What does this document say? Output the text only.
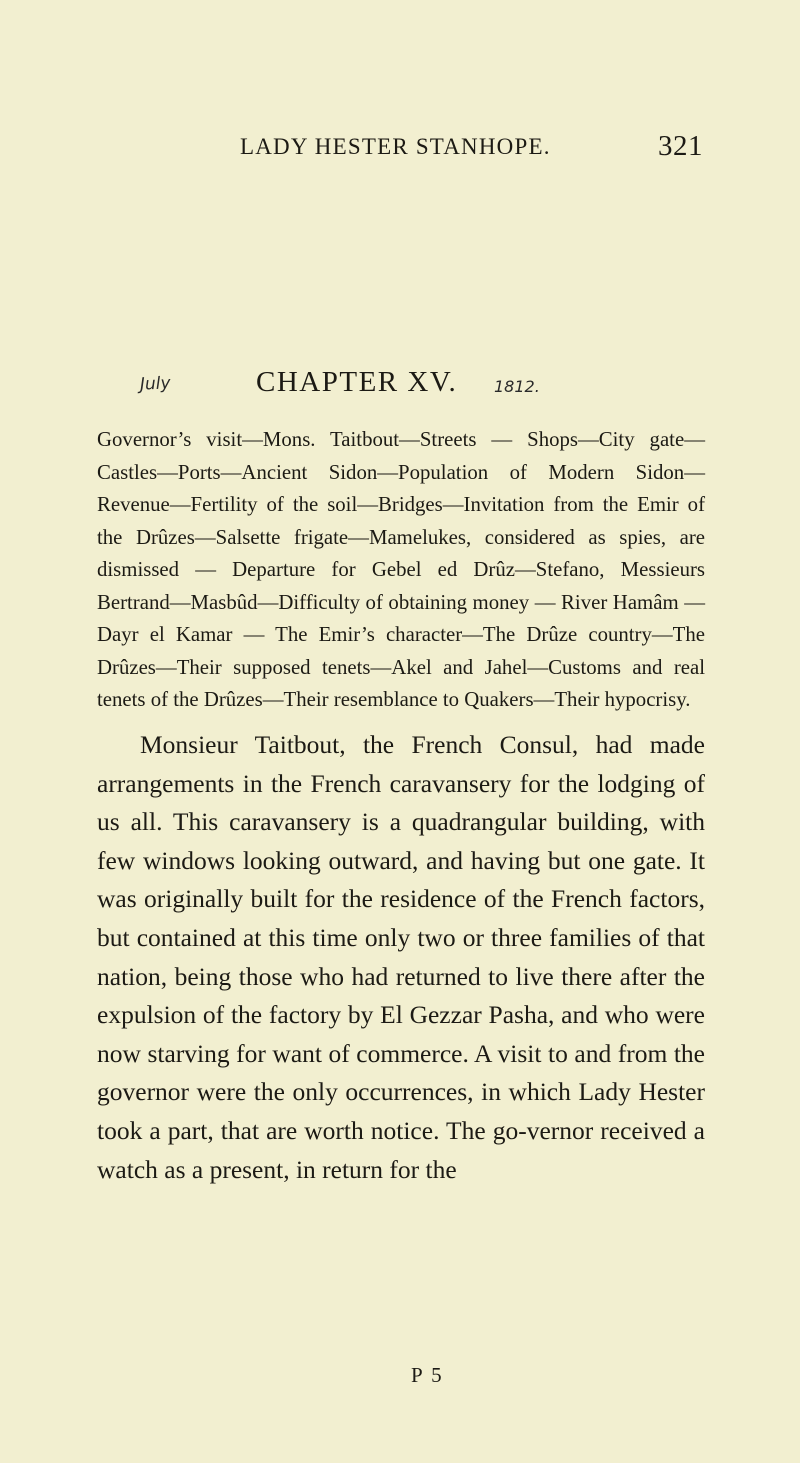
LADY HESTER STANHOPE.	321
July	CHAPTER XV. 1812.

Governor’s visit—Mons. Taitbout—Streets — Shops—City gate—Castles—Ports—Ancient Sidon—Population of Modern Sidon—Revenue—Fertility of the soil—Bridges—Invitation from the Emir of the Drûzes—Salsette frigate—Mamelukes, considered as spies, are dismissed — Departure for Gebel ed Drûz—Stefano, Messieurs Bertrand—Masbûd—Difficulty of obtaining money — River Hamâm — Dayr el Kamar — The Emir’s character—The Drûze country—The Drûzes—Their supposed tenets—Akel and Jahel—Customs and real tenets of the Drûzes—Their resemblance to Quakers—Their hypocrisy.

Monsieur Taitbout, the French Consul, had made arrangements in the French caravansery for the lodging of us all. This caravansery is a quadrangular building, with few windows looking outward, and having but one gate. It was originally built for the residence of the French factors, but contained at this time only two or three families of that nation, being those who had returned to live there after the expulsion of the factory by El Gezzar Pasha, and who were now starving for want of commerce. A visit to and from the governor were the only occurrences, in which Lady Hester took a part, that are worth notice. The go-vernor received a watch as a present, in return for the

P 5
